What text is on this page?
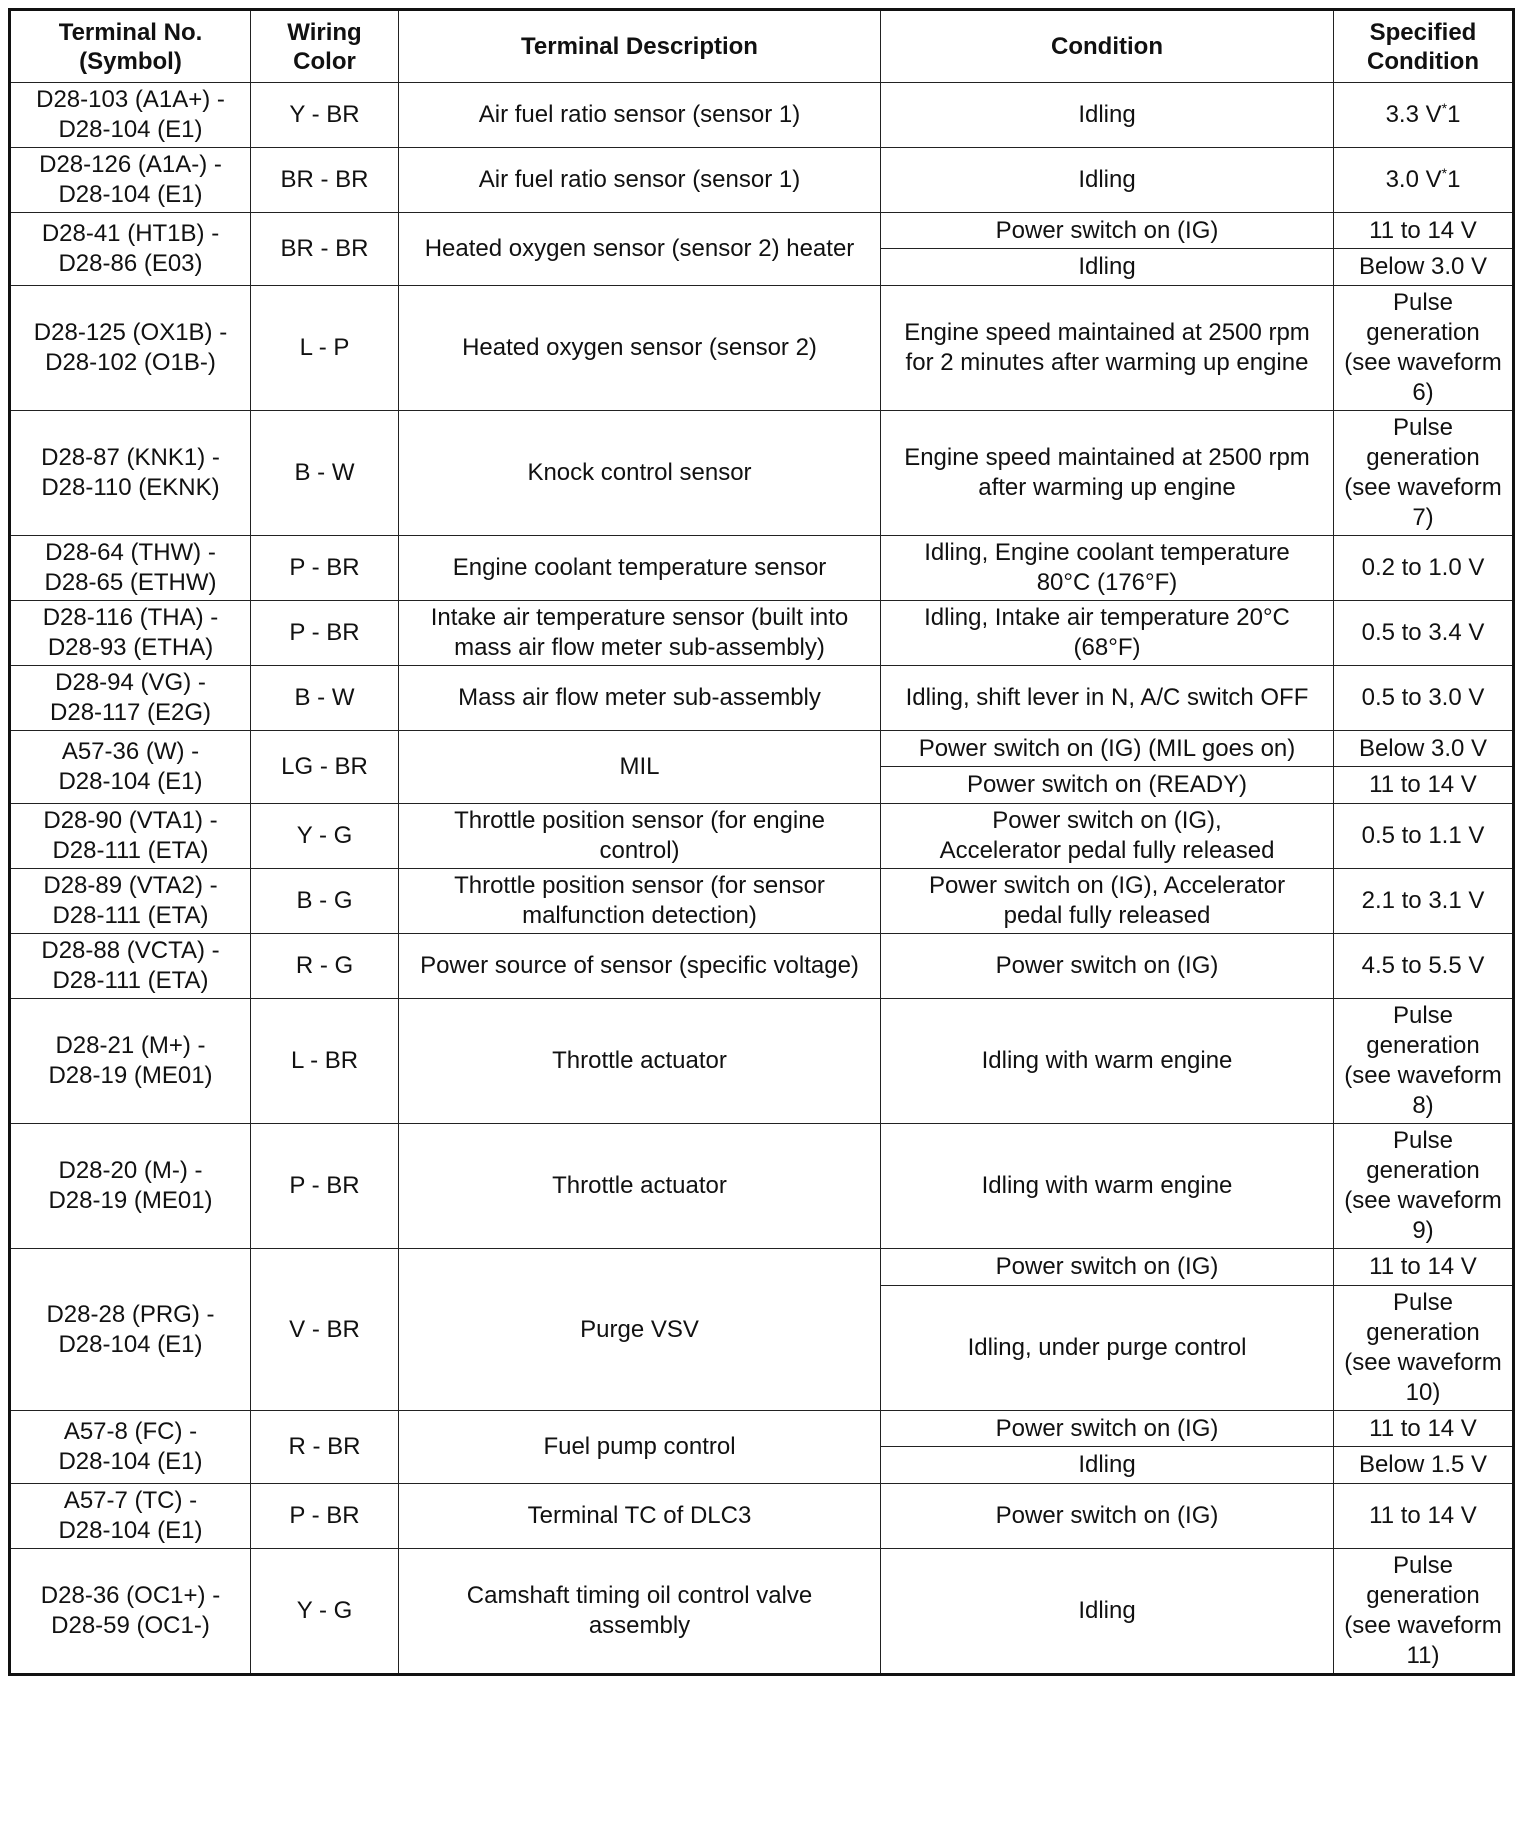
Terminal No.
(Symbol)	Wiring
Color	Terminal Description	Condition	Specified
Condition

D28-103 (A1A+) -
D28-104 (E1)	Y - BR	Air fuel ratio sensor (sensor 1)	Idling	3.3 V*1

D28-126 (A1A-) -
D28-104 (E1)	BR - BR	Air fuel ratio sensor (sensor 1)	Idling	3.0 V*1

D28-41 (HT1B) -
D28-86 (E03)	BR - BR	Heated oxygen sensor (sensor 2) heater	Power switch on (IG)	11 to 14 V

			Idling	Below 3.0 V

D28-125 (OX1B) -
D28-102 (O1B-)	L - P	Heated oxygen sensor (sensor 2)	Engine speed maintained at 2500 rpm
for 2 minutes after warming up engine	Pulse
generation
(see waveform
6)

D28-87 (KNK1) -
D28-110 (EKNK)	B - W	Knock control sensor	Engine speed maintained at 2500 rpm
after warming up engine	Pulse
generation
(see waveform
7)

D28-64 (THW) -
D28-65 (ETHW)	P - BR	Engine coolant temperature sensor	Idling, Engine coolant temperature
80°C (176°F)	0.2 to 1.0 V

D28-116 (THA) -
D28-93 (ETHA)	P - BR	Intake air temperature sensor (built into
mass air flow meter sub-assembly)	Idling, Intake air temperature 20°C
(68°F)	0.5 to 3.4 V

D28-94 (VG) -
D28-117 (E2G)	B - W	Mass air flow meter sub-assembly	Idling, shift lever in N, A/C switch OFF	0.5 to 3.0 V

A57-36 (W) -
D28-104 (E1)	LG - BR	MIL	Power switch on (IG) (MIL goes on)	Below 3.0 V

			Power switch on (READY)	11 to 14 V

D28-90 (VTA1) -
D28-111 (ETA)	Y - G	Throttle position sensor (for engine
control)	Power switch on (IG),
Accelerator pedal fully released	0.5 to 1.1 V

D28-89 (VTA2) -
D28-111 (ETA)	B - G	Throttle position sensor (for sensor
malfunction detection)	Power switch on (IG), Accelerator
pedal fully released	2.1 to 3.1 V

D28-88 (VCTA) -
D28-111 (ETA)	R - G	Power source of sensor (specific voltage)	Power switch on (IG)	4.5 to 5.5 V

D28-21 (M+) -
D28-19 (ME01)	L - BR	Throttle actuator	Idling with warm engine	Pulse
generation
(see waveform
8)

D28-20 (M-) -
D28-19 (ME01)	P - BR	Throttle actuator	Idling with warm engine	Pulse
generation
(see waveform
9)

D28-28 (PRG) -
D28-104 (E1)	V - BR	Purge VSV	Power switch on (IG)	11 to 14 V

			Idling, under purge control	Pulse
generation
(see waveform
10)

A57-8 (FC) -
D28-104 (E1)	R - BR	Fuel pump control	Power switch on (IG)	11 to 14 V

			Idling	Below 1.5 V

A57-7 (TC) -
D28-104 (E1)	P - BR	Terminal TC of DLC3	Power switch on (IG)	11 to 14 V

D28-36 (OC1+) -
D28-59 (OC1-)	Y - G	Camshaft timing oil control valve
assembly	Idling	Pulse
generation
(see waveform
11)
